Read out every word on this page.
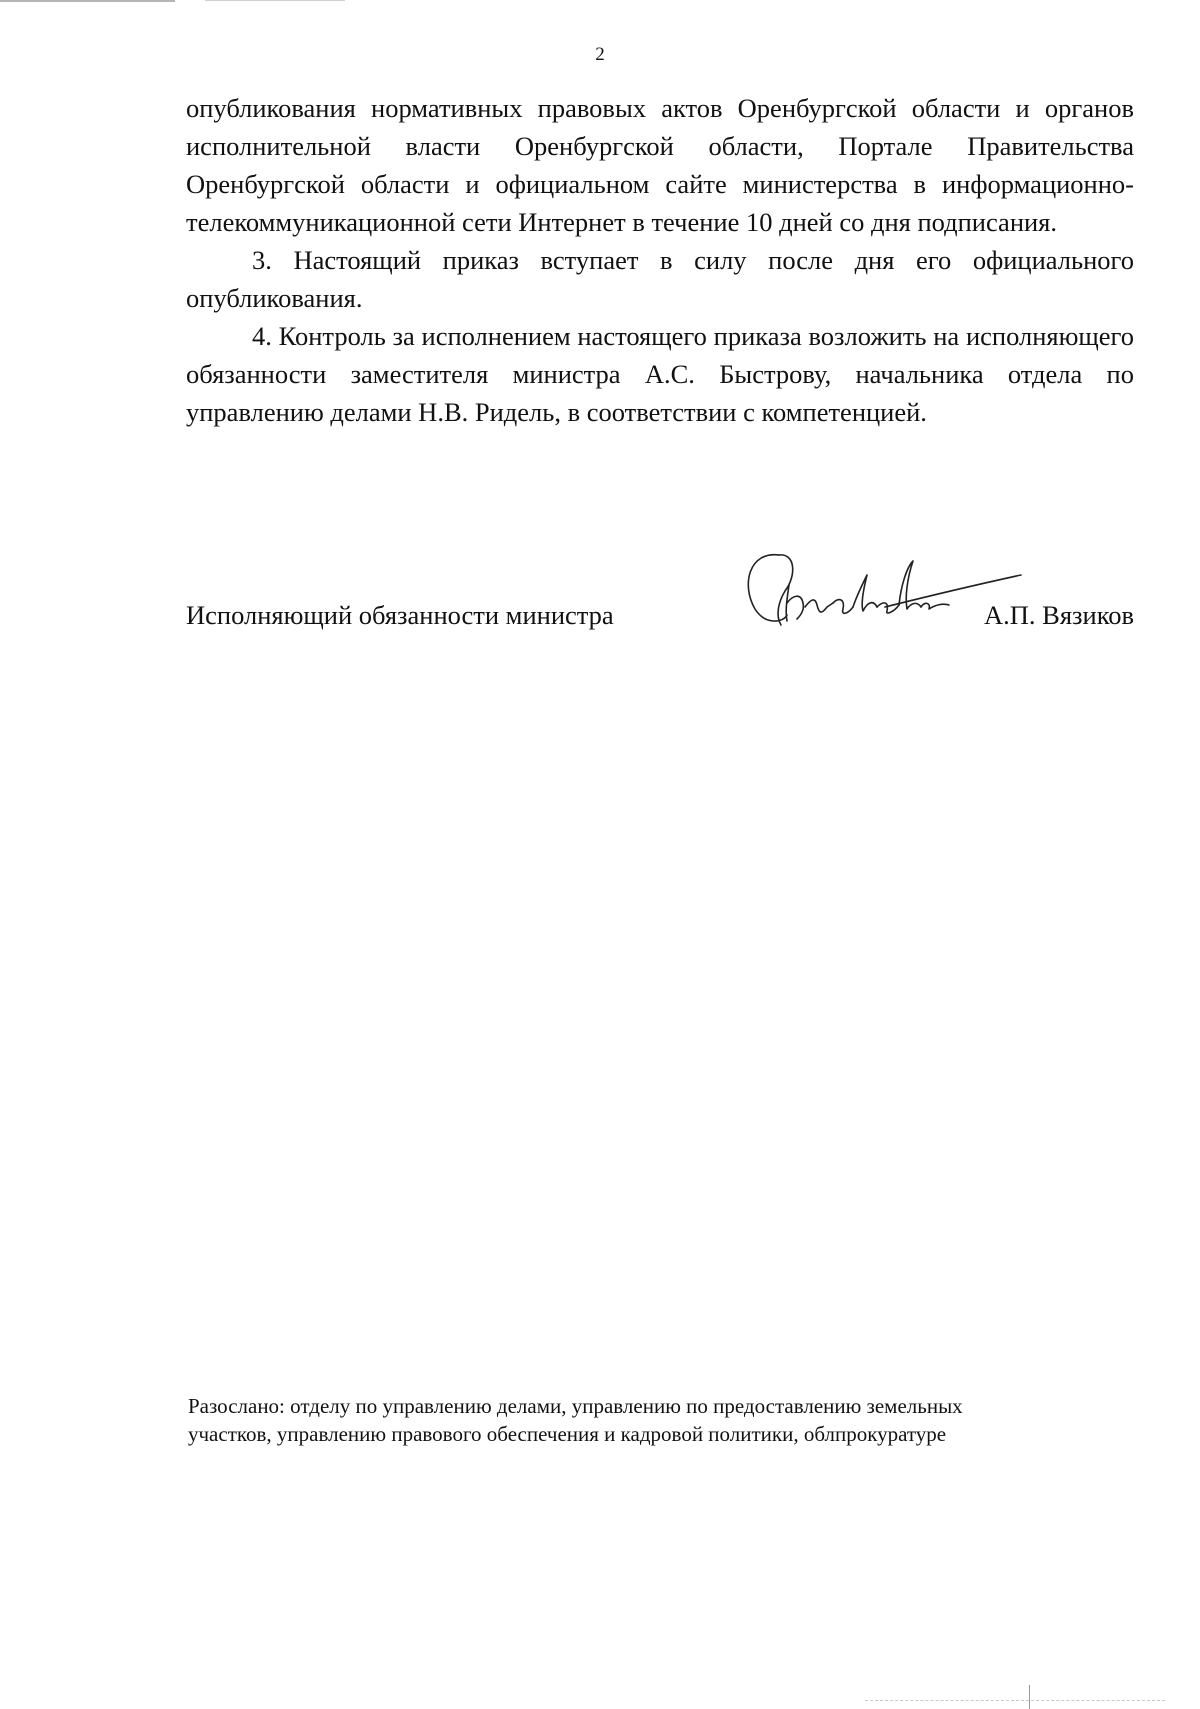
2

опубликования нормативных правовых актов Оренбургской области и органов исполнительной власти Оренбургской области, Портале Правительства Оренбургской области и официальном сайте министерства в информационно-телекоммуникационной сети Интернет в течение 10 дней со дня подписания.

3. Настоящий приказ вступает в силу после дня его официального опубликования.

4. Контроль за исполнением настоящего приказа возложить на исполняющего обязанности заместителя министра А.С. Быстрову, начальника отдела по управлению делами Н.В. Ридель, в соответствии с компетенцией.

Исполняющий обязанности министра	А.П. Вязиков

Разослано: отделу по управлению делами, управлению по предоставлению земельных

участков, управлению правового обеспечения и кадровой политики, облпрокуратуре
